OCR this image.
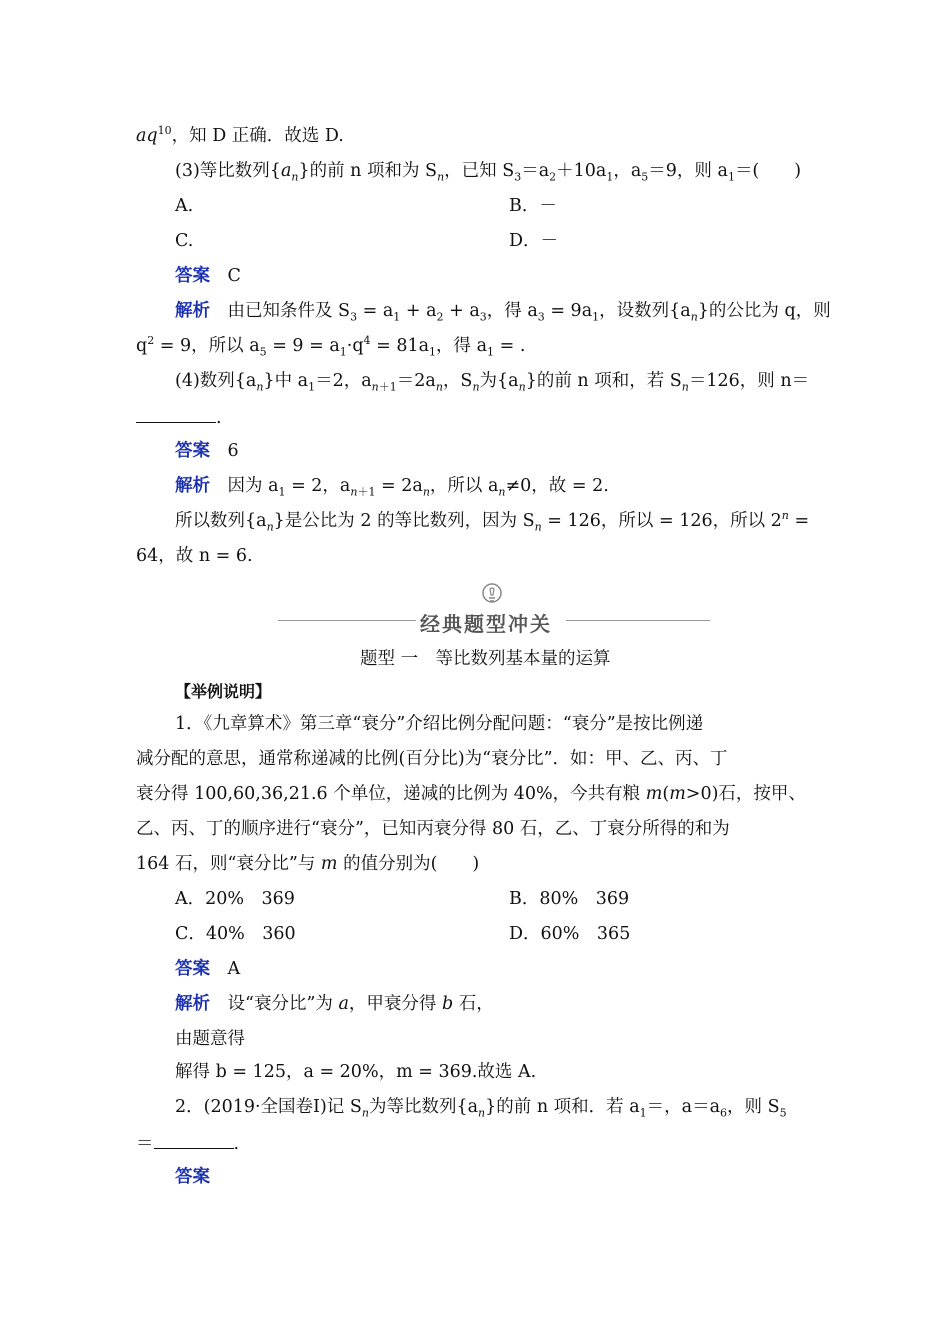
$aq^{10}$，知 D 正确．故选 D.
(3)等比数列$\{a_n\}$的前 n 项和为 $S_n$，已知 $S_3=a_2+10a_1$，$a_5=9$，则 $a_1=$(　　)
A.	B．－
C.	D．－
答案　 C
解析　 由已知条件及 $S_3 = a_1 + a_2 + a_3$，得 $a_3 = 9a_1$，设数列$\{a_n\}$的公比为 q，则
$q^2 = 9$，所以 $a_5 = 9 = a_1\cdot q^4 = 81a_1$，得 $a_1$ = .
(4)数列$\{a_n\}$中 $a_1=2$，$a_{n+1}=2a_n$，$S_n$为$\{a_n\}$的前 n 项和，若 $S_n=126$，则 n＝
.
答案　 6
解析　 因为 $a_1 = 2$，$a_{n+1} = 2a_n$，所以 $a_n\ne 0$，故 = 2.
所以数列$\{a_n\}$是公比为 2 的等比数列，因为 $S_n = 126$，所以 = 126，所以 $2^n$ =
64，故 n = 6.
经典题型冲关
题型 一　等比数列基本量的运算
【举例说明】
1．《九章算术》第三章“衰分”介绍比例分配问题：“衰分”是按比例递
减分配的意思，通常称递减的比例(百分比)为“衰分比”．如：甲、乙、丙、丁
衰分得 100,60,36,21.6 个单位，递减的比例为 40%，今共有粮 m(m>0)石，按甲、
乙、丙、丁的顺序进行“衰分”，已知丙衰分得 80 石，乙、丁衰分所得的和为
164 石，则“衰分比”与 m 的值分别为(　　)
A．20%　369	B．80%　369
C．40%　360	D．60%　365
答案　 A
解析　 设“衰分比”为 a，甲衰分得 b 石，
由题意得
解得 b = 125，a = 20%，m = 369.故选 A.
2．(2019·全国卷Ⅰ)记 $S_n$为等比数列$\{a_n\}$的前 n 项和．若 $a_1=$，$a=a_6$，则 $S_5$
＝	.
答案
